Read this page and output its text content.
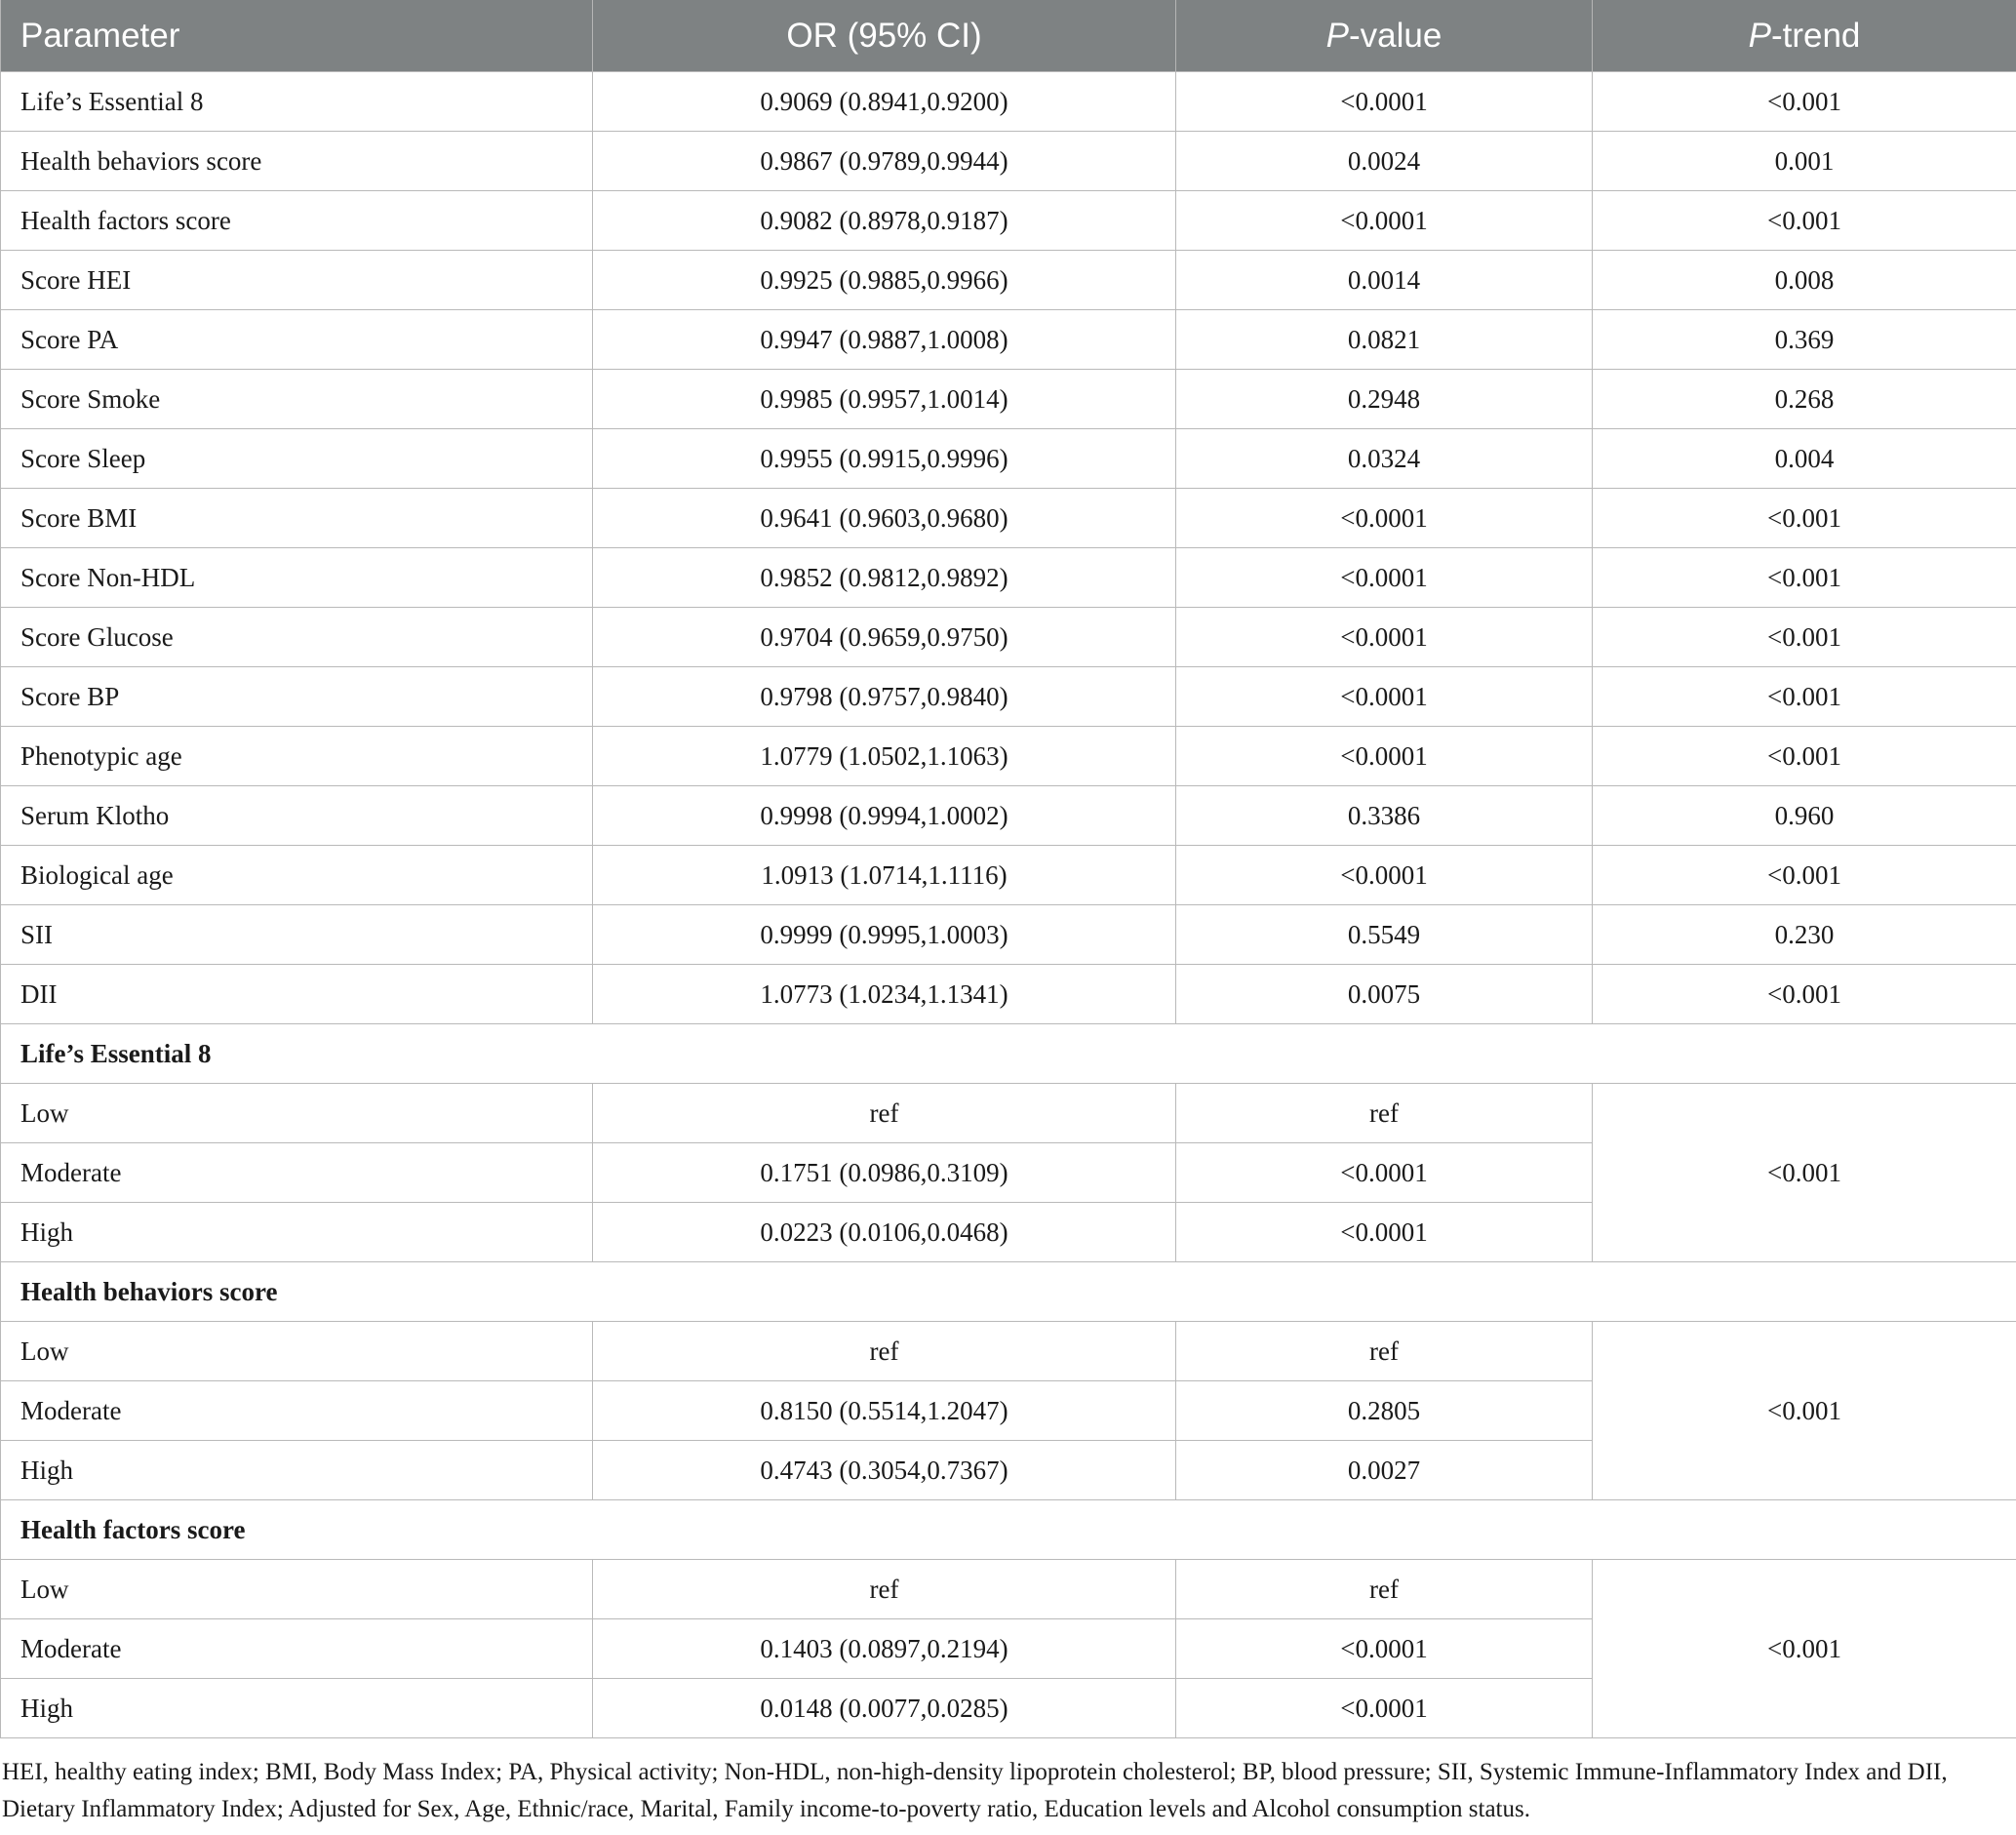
Parameter	OR (95% CI)	P-value	P-trend
Life’s Essential 8	0.9069 (0.8941,0.9200)	<0.0001	<0.001
Health behaviors score	0.9867 (0.9789,0.9944)	0.0024	0.001
Health factors score	0.9082 (0.8978,0.9187)	<0.0001	<0.001
Score HEI	0.9925 (0.9885,0.9966)	0.0014	0.008
Score PA	0.9947 (0.9887,1.0008)	0.0821	0.369
Score Smoke	0.9985 (0.9957,1.0014)	0.2948	0.268
Score Sleep	0.9955 (0.9915,0.9996)	0.0324	0.004
Score BMI	0.9641 (0.9603,0.9680)	<0.0001	<0.001
Score Non-HDL	0.9852 (0.9812,0.9892)	<0.0001	<0.001
Score Glucose	0.9704 (0.9659,0.9750)	<0.0001	<0.001
Score BP	0.9798 (0.9757,0.9840)	<0.0001	<0.001
Phenotypic age	1.0779 (1.0502,1.1063)	<0.0001	<0.001
Serum Klotho	0.9998 (0.9994,1.0002)	0.3386	0.960
Biological age	1.0913 (1.0714,1.1116)	<0.0001	<0.001
SII	0.9999 (0.9995,1.0003)	0.5549	0.230
DII	1.0773 (1.0234,1.1341)	0.0075	<0.001
Life’s Essential 8			
Low	ref	ref	<0.001
Moderate	0.1751 (0.0986,0.3109)	<0.0001	
High	0.0223 (0.0106,0.0468)	<0.0001	
Health behaviors score			
Low	ref	ref	<0.001
Moderate	0.8150 (0.5514,1.2047)	0.2805	
High	0.4743 (0.3054,0.7367)	0.0027	
Health factors score			
Low	ref	ref	<0.001
Moderate	0.1403 (0.0897,0.2194)	<0.0001	
High	0.0148 (0.0077,0.0285)	<0.0001	
HEI, healthy eating index; BMI, Body Mass Index; PA, Physical activity; Non-HDL, non-high-density lipoprotein cholesterol; BP, blood pressure; SII, Systemic Immune-Inflammatory Index and DII, Dietary Inflammatory Index; Adjusted for Sex, Age, Ethnic/race, Marital, Family income-to-poverty ratio, Education levels and Alcohol consumption status.
